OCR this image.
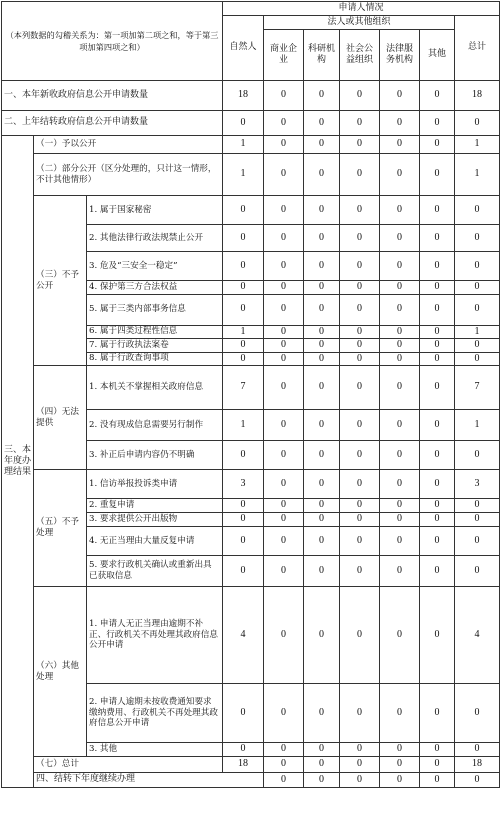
（本列数据的勾稽关系为：第一项加第二项之和，等于第三项加第四项之和）			申请人情况							
			自然人	法人或其他组织					总计	
				商业企业	科研机构	社会公益组织	法律服务机构	其他		
一、本年新收政府信息公开申请数量			18	0	0	0	0	0	18	
二、上年结转政府信息公开申请数量			0	0	0	0	0	0	0	
三、本年度办理结果	（一）予以公开		1	0	0	0	0	0	1	
	（二）部分公开（区分处理的，只计这一情形，不计其他情形）		1	0	0	0	0	0	1	
	（三）不予公开	1. 属于国家秘密	0	0	0	0	0	0	0	
		2. 其他法律行政法规禁止公开	0	0	0	0	0	0	0	
		3. 危及“三安全一稳定”	0	0	0	0	0	0	0	
		4. 保护第三方合法权益	0	0	0	0	0	0	0	
		5. 属于三类内部事务信息	0	0	0	0	0	0	0	
		6. 属于四类过程性信息	1	0	0	0	0	0	1	
		7. 属于行政执法案卷	0	0	0	0	0	0	0	
		8. 属于行政查询事项	0	0	0	0	0	0	0	
	（四）无法提供	1. 本机关不掌握相关政府信息	7	0	0	0	0	0	7	
		2. 没有现成信息需要另行制作	1	0	0	0	0	0	1	
		3. 补正后申请内容仍不明确	0	0	0	0	0	0	0	
	（五）不予处理	1. 信访举报投诉类申请	3	0	0	0	0	0	3	
		2. 重复申请	0	0	0	0	0	0	0	
		3. 要求提供公开出版物	0	0	0	0	0	0	0	
		4. 无正当理由大量反复申请	0	0	0	0	0	0	0	
		5. 要求行政机关确认或重新出具已获取信息	0	0	0	0	0	0	0	
	（六）其他处理	1. 申请人无正当理由逾期不补正、行政机关不再处理其政府信息公开申请	4	0	0	0	0	0	4	
		2. 申请人逾期未按收费通知要求缴纳费用、行政机关不再处理其政府信息公开申请	0	0	0	0	0	0	0	
		3. 其他	0	0	0	0	0	0	0	
	（七）总计		18	0	0	0	0	0	18	
	四、结转下年度继续办理			0	0	0	0	0	0	
